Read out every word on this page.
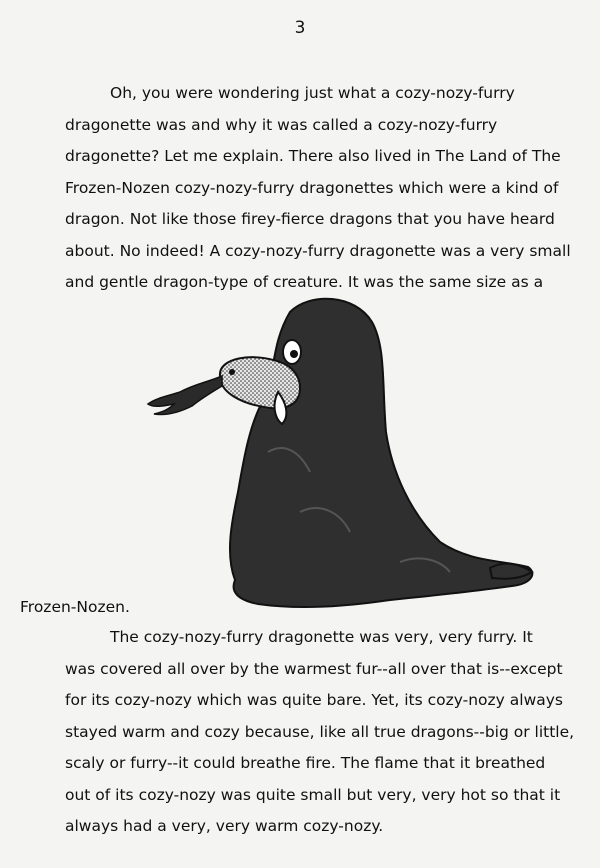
3

Oh, you were wondering just what a cozy-nozy-furry
dragonette was and why it was called a cozy-nozy-furry
dragonette? Let me explain. There also lived in The Land of The
Frozen-Nozen cozy-nozy-furry dragonettes which were a kind of
dragon. Not like those firey-fierce dragons that you have heard
about. No indeed! A cozy-nozy-furry dragonette was a very small
and gentle dragon-type of creature. It was the same size as a

Frozen-Nozen.

The cozy-nozy-furry dragonette was very, very furry. It
was covered all over by the warmest fur--all over that is--except
for its cozy-nozy which was quite bare. Yet, its cozy-nozy always
stayed warm and cozy because, like all true dragons--big or little,
scaly or furry--it could breathe fire. The flame that it breathed
out of its cozy-nozy was quite small but very, very hot so that it
always had a very, very warm cozy-nozy.
